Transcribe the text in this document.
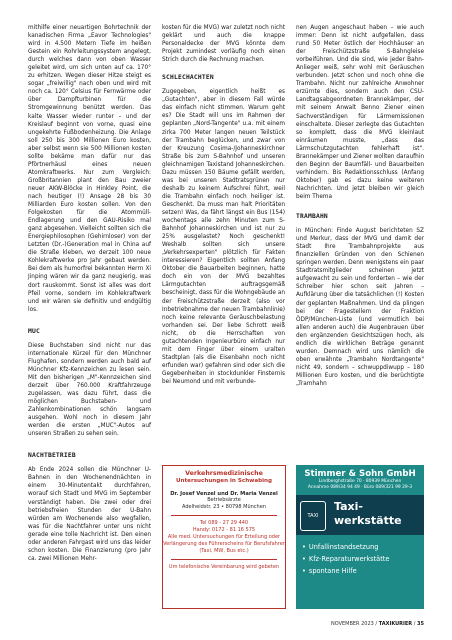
mithilfe einer neuartigen Bohrtechnik der kanadischen Firma „Eavor Technologies" wird in 4.500 Metern Tiefe im heißen Gestein ein Rohrleitungssystem angelegt, durch welches dann von oben Wasser geleitet wird, um sich unten auf ca. 170° zu erhitzen. Wegen dieser Hitze steigt es sogar „freiwillig" nach oben und wird mit noch ca. 120° Celsius für Fernwärme oder über Dampfturbinen für die Stromgewinnung benützt werden. Das kalte Wasser wieder runter – und der Kreislauf beginnt von vorne, quasi eine ungekehrte Fußbodenheizung. Die Anlage soll 250 bis 300 Millionen Euro kosten, aber selbst wenn sie 500 Millionen kosten sollte bekäme man dafür nur das Pförtnerhäusl eines neuen Atomkraftwerks. Nur zum Vergleich: Großbritannien plant den Bau zweier neuer AKW-Blöcke in Hinkley Point, die nach heutiger (!) Ansage 28 bis 30 Milliarden Euro kosten sollen. Von den Folgekosten für die Atommüll-Endlagerung und den GAU-Risiko mal ganz abgesehen. Vielleicht sollten sich die Energiephilosophen (Gehirnloser) von der Letzten (Dr.-)Generation mal in China auf die Straße kleben, wo derzeit 100 neue Kohlekraftwerke pro Jahr gebaut werden. Bei dem als humorfrei bekannten Herrn Xi Jinping wären wir da ganz neugierig, was dort rauskommt. Sonst ist alles was dort Pfeil vorne, sondern im Kohlekraftwerk und wir wären sie definitiv und endgültig los.

MUC

Diese Buchstaben sind nicht nur das internationale Kürzel für den Münchner Flughafen, sondern werden auch bald auf Münchner Kfz-Kennzeichen zu lesen sein. Mit den bisherigen „M"-Kennzeichen sind derzeit über 760.000 Kraftfahrzeuge zugelassen, was dazu führt, dass die möglichen Buchstaben- und Zahlenkombinationen schön langsam ausgehen. Wohl noch in diesem Jahr werden die ersten „MUC"-Autos auf unseren Straßen zu sehen sein.

NACHTBETRIEB

Ab Ende 2024 sollen die Münchner U-Bahnen in den Wochenendnächten in einem 30-Minutentakt durchfahren, worauf sich Stadt und MVG im September verständigt haben. Die zwei oder drei betriebsfreien Stunden der U-Bahn würden am Wochenende also wegfallen, was für die Nachtfahrer unter uns nicht gerade eine tolle Nachricht ist. Den einen oder anderen Fahrgast wird uns das leider schon kosten. Die Finanzierung (pro Jahr ca. zwei Millionen Mehr-

kosten für die MVG) war zuletzt noch nicht geklärt und auch die knappe Personaldecke der MVG könnte dem Projekt zumindest vorläufig noch einen Strich durch die Rechnung machen.

SCHLECHACHTEN

Zugegeben, eigentlich heißt es „Gutachten", aber in diesem Fall würde das einfach nicht stimmen. Warum geht es? Die Stadt will uns im Rahmen der geplanten „Nord-Tangente" u.a. mit einem zirka 700 Meter langen neuen Teilstück der Trambahn beglücken, und zwar von der Kreuzung Cosima-/Johanneskirchner Straße bis zum S-Bahnhof und unseren gleichnamigen Taxistand Johanneskirchen. Dazu müssen 150 Bäume gefällt werden, was bei unseren Stadtratsgrünen nur deshalb zu keinem Aufschrei führt, weil die Trambahn einfach noch heiliger ist. Geschenkt. Da muss man halt Prioritäten setzen! Was, da fährt längst ein Bus (154) wochentags alle zehn Minuten zum S-Bahnhof Johanneskirchen und ist nur zu 25% ausgelastet? Noch geschenkt! Weshalb sollten sich unsere „Verkehrsexperten" plötzlich für Fakten interessieren? Eigentlich sollten Anfang Oktober die Bauarbeiten beginnen, hatte doch ein von der MVG bezahltes Lärmgutachten auftragsgemäß bescheinigt, dass für die Wohngebäude an der Freischützstraße derzeit (also vor Inbetriebnahme der neuen Trambahnlinie) noch keine relevante Geräuschbelastung vorhanden sei. Der liebe Schrott weiß nicht, ob die Herrschaften von gutachtenden Ingenieurbüro einfach nur mit dem Finger über einem uralten Stadtplan (als die Eisenbahn noch nicht erfunden war) gefahren sind oder sich die Gegebenheiten in stockdunkler Finsternis bei Neumond und mit verbunde-

nen Augen angeschaut haben – wie auch immer: Denn ist nicht aufgefallen, dass rund 50 Meter östlich der Hochhäuser an der Freischützstraße S-Bahngleise vorbeiführen. Und die sind, wie jeder Bahn-Anlieger weiß, sehr wohl mit Geräuschen verbunden. Jetzt schon und noch ohne die Trambahn. Nicht nur zahlreiche Anwohner erzürnte dies, sondern auch den CSU-Landtagsabgeordneten Brannekämper, der mit seinem Anwalt Benno Ziener einen Sachverständigen für Lärmemissionen einschaltete. Dieser zerlegte das Gutachten so komplett, dass die MVG kleinlaut einräumen musste, „dass das Lärmschutzgutachten fehlerhaft ist". Brannekämper und Ziener wollten daraufhin den Beginn der Baumfäll- und Bauarbeiten verhindern. Bis Redaktionsschluss (Anfang Oktober) gab es dazu keine weiteren Nachrichten. Und jetzt bleiben wir gleich beim Thema

TRAMBAHN

in München: Finde August berichteten SZ und Merkur, dass der MVG und damit der Stadt Ihre Trambahnprojekte aus finanziellen Gründen von den Schienen springen werden. Denn wenigstens ein paar Stadtratsmitglieder scheinen jetzt aufgewacht zu sein und forderten – wie der Schreiber hier schon seit Jahren – Aufklärung über die tatsächlichen (!) Kosten der geplanten Maßnahmen. Und da plingen bei der Fragestellern der Fraktion ÖDP/München-Liste (und vermutlich bei allen anderen auch) die Augenbrauen über den ergänzenden Gesichtszügen hoch, als endlich die wirklichen Beträge genannt wurden. Demnach wird uns nämlich die oben erwähnte „Trambahn Nordtangente" nicht 49, sondern – schwuppdiwupp – 180 Millionen Euro kosten, und die berüchtigte „Tramhahn

Verkehrsmedizinische
Untersuchungen in Schwabing
Dr. Josef Venzel und Dr. Maria Venzel
Betriebsärzte
Adelheidstr. 23 • 80798 München
Tel 089 - 27 29 440
Handy: 0172 - 81 16 575
Alle med. Untersuchungen für Erteilung oder Verlängerung des Führerscheins für Berufsfahrer (Taxi, MW, Bus etc.)
Um telefonische Vereinbarung wird gebeten
Stimmer & Sohn GmbH
Lindberghstraße 70 · 80939 München
Annahme 089/34 94 49 · Büro 089/321 99 29-3
TAXI
Taxi-
werkstätte
• Unfallinstandsetzung
• Kfz-Reparaturwerkstätte
• spontane Hilfe
NOVEMBER 2023 / TAXIKURIER / 35
